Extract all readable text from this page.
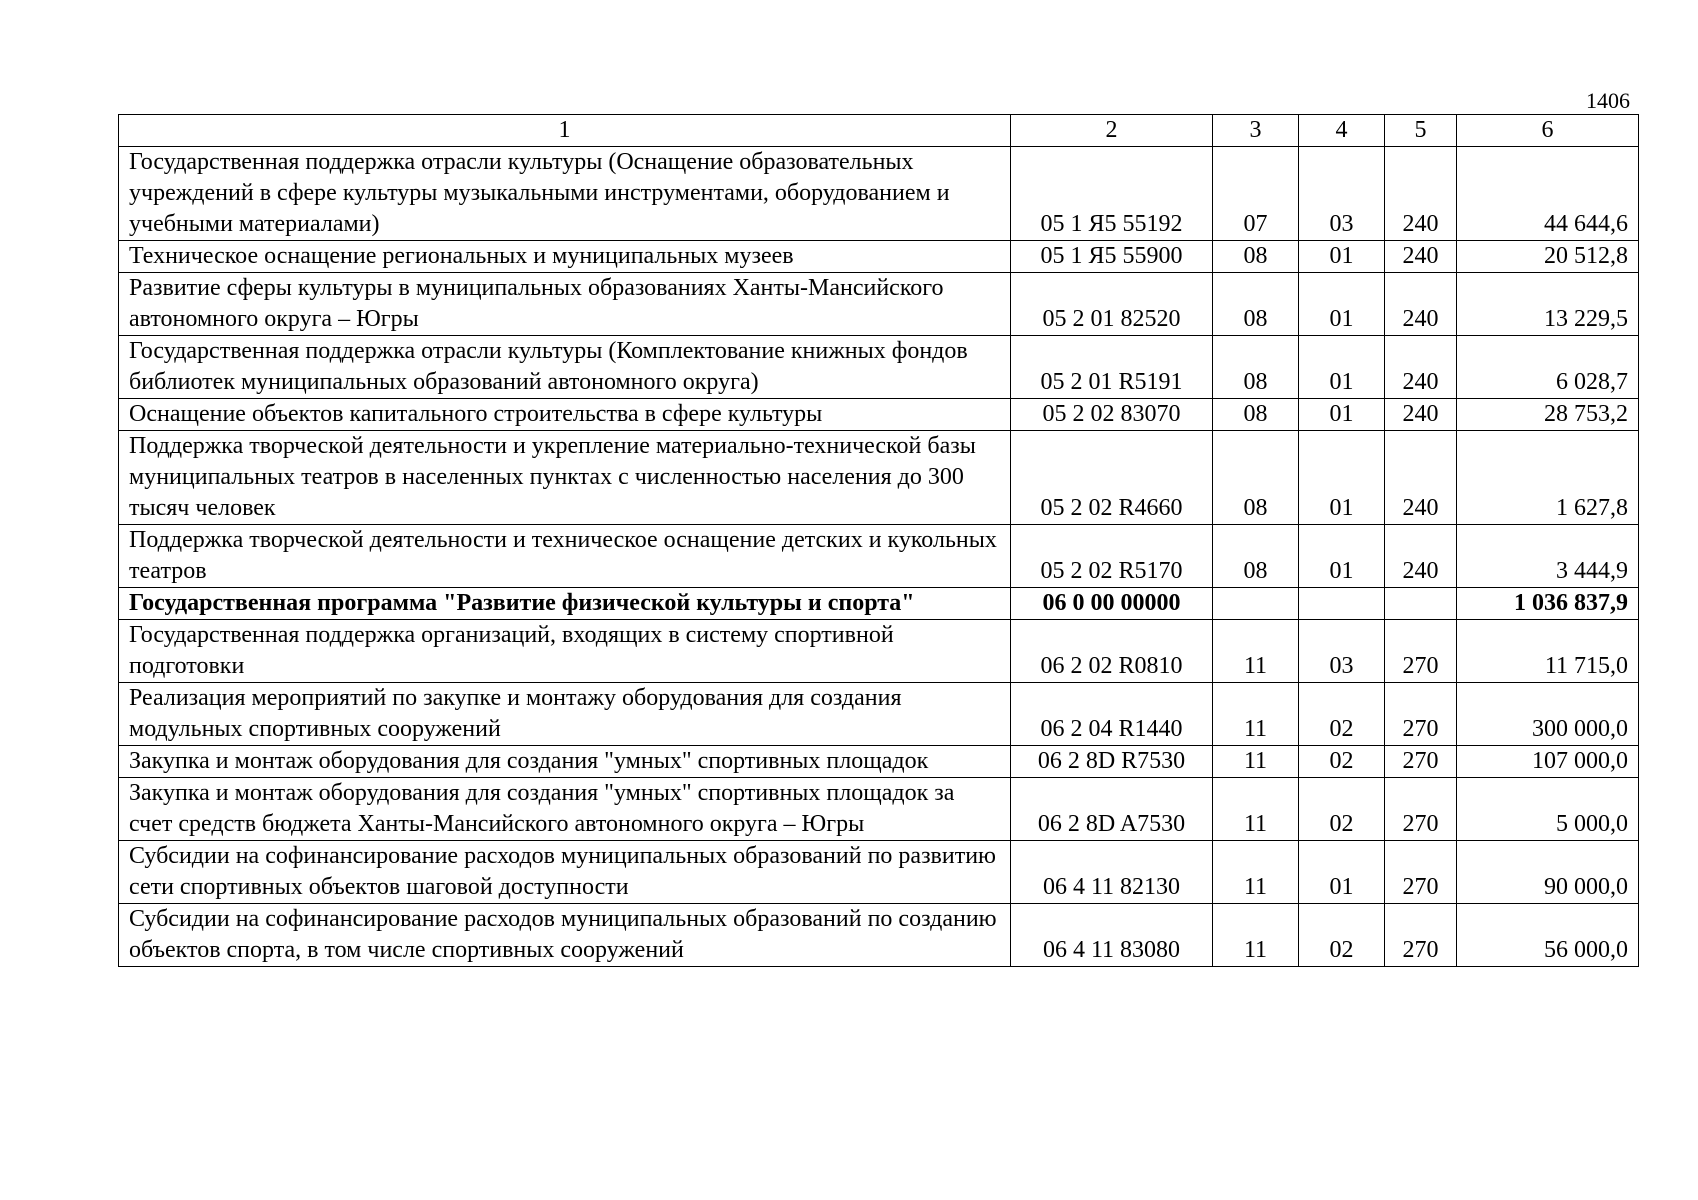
1406
1	2	3	4	5	6
Государственная поддержка отрасли культуры (Оснащение образовательных учреждений в сфере культуры музыкальными инструментами, оборудованием и учебными материалами)	05 1 Я5 55192	07	03	240	44 644,6
Техническое оснащение региональных и муниципальных музеев	05 1 Я5 55900	08	01	240	20 512,8
Развитие сферы культуры в муниципальных образованиях Ханты-Мансийского автономного округа – Югры	05 2 01 82520	08	01	240	13 229,5
Государственная поддержка отрасли культуры (Комплектование книжных фондов библиотек муниципальных образований автономного округа)	05 2 01 R5191	08	01	240	6 028,7
Оснащение объектов капитального строительства в сфере культуры	05 2 02 83070	08	01	240	28 753,2
Поддержка творческой деятельности и укрепление материально-технической базы муниципальных театров в населенных пунктах с численностью населения до 300 тысяч человек	05 2 02 R4660	08	01	240	1 627,8
Поддержка творческой деятельности и техническое оснащение детских и кукольных театров	05 2 02 R5170	08	01	240	3 444,9
Государственная программа "Развитие физической культуры и спорта"	06 0 00 00000				1 036 837,9
Государственная поддержка организаций, входящих в систему спортивной подготовки	06 2 02 R0810	11	03	270	11 715,0
Реализация мероприятий по закупке и монтажу оборудования для создания модульных спортивных сооружений	06 2 04 R1440	11	02	270	300 000,0
Закупка и монтаж оборудования для создания "умных" спортивных площадок	06 2 8D R7530	11	02	270	107 000,0
Закупка и монтаж оборудования для создания "умных" спортивных площадок за счет средств бюджета Ханты-Мансийского автономного округа – Югры	06 2 8D A7530	11	02	270	5 000,0
Субсидии на софинансирование расходов муниципальных образований по развитию сети спортивных объектов шаговой доступности	06 4 11 82130	11	01	270	90 000,0
Субсидии на софинансирование расходов муниципальных образований по созданию объектов спорта, в том числе спортивных сооружений	06 4 11 83080	11	02	270	56 000,0
